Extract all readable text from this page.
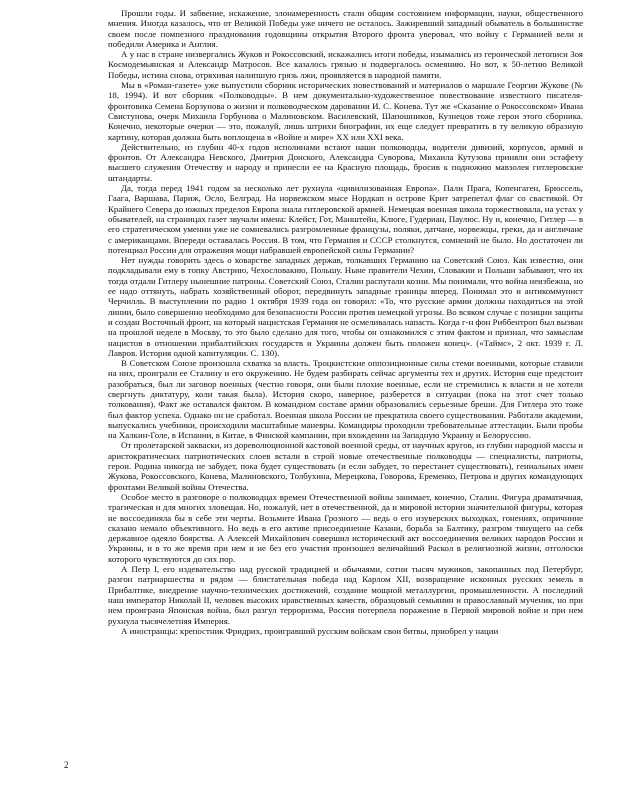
Прошли годы. И забвение, искажение, злонамеренность стали общим состоянием информации, науки, общественного мнения. Иногда казалось, что от Великой Победы уже ничего не осталось. Зажиревший западный обыватель в большинстве своем после помпезного празднования годовщины открытия Второго фронта уверовал, что войну с Германией вели и победили Америка и Англия.

А у нас в стране низвергались Жуков и Рокоссовский, искажались итоги победы, изымались из героической летописи Зоя Космодемьянская и Александр Матросов. Все казалось грязью и подвергалось осмеянию. Но вот, к 50-летию Великой Победы, истина снова, отряхивая налипшую грязь лжи, проявляется в народной памяти.

Мы в «Роман-газете» уже выпустили сборник исторических повествований и материалов о маршале Георгии Жукове (№ 18, 1994). И вот сборник «Полководцы». В нем документально-художественное повествование известного писателя-фронтовика Семена Борзунова о жизни и полководческом даровании И. С. Конева. Тут же «Сказание о Рокоссовском» Ивана Свистунова, очерк Михаила Горбунова о Малиновском. Василевский, Шапошников, Кузнецов тоже герои этого сборника. Конечно, некоторые очерки — это, пожалуй, лишь штрихи биографии, их еще следует превратить в ту великую образную картину, которая должна быть воплощена в «Войне и мире» XX или XXI века.

Действительно, из глубин 40-х годов исполинами встают наши полководцы, водители дивизий, корпусов, армий и фронтов. От Александра Невского, Дмитрия Донского, Александра Суворова, Михаила Кутузова приняли они эстафету высшего служения Отечеству и народу и принесли ее на Красную площадь, бросив к подножию мавзолея гитлеровские штандарты.

Да, тогда перед 1941 годом за несколько лет рухнула «цивилизованная Европа». Пали Прага, Копенгаген, Брюссель, Гаага, Варшава, Париж, Осло, Белград. На норвежском мысе Нордкап и острове Крит затрепетал флаг со свастикой. От Крайнего Севера до южных пределов Европа знала гитлеровской армией. Немецкая военная школа торжествовала, на устах у обывателей, на страницах газет звучали имена: Клейст, Гот, Манштейн, Клюге, Гудериан, Паулюс. Ну и, конечно, Гитлер — в его стратегическом умении уже не сомневались разгромленные французы, поляки, датчане, норвежцы, греки, да и англичане с американцами. Впереди оставалась Россия. В том, что Германия и СССР столкнутся, сомнений не было. Но достаточен ли потенциал России для отражения мощи набравшей европейской силы Германии?

Нет нужды говорить здесь о коварстве западных держав, толкавших Германию на Советский Союз. Как известно, они подкладывали ему в топку Австрию, Чехословакию, Польшу. Ныне правители Чехии, Словакии и Польши забывают, что их тогда отдали Гитлеру нынешние патроны. Советский Союз, Сталин распутали козни. Мы понимали, что война неизбежна, но ее надо оттянуть, набрать хозяйственный оборот, передвинуть западные границы вперед. Понимал это и антикоммунист Черчилль. В выступлении по радио 1 октября 1939 года он говорил: «То, что русские армии должны находиться на этой линии, было совершенно необходимо для безопасности России против немецкой угрозы. Во всяком случае с позиции защиты и создан Восточный фронт, на который нацистская Германия не осмеливалась напасть. Когда г-н фон Риббентроп был вызван на прошлой неделе в Москву, то это было сделано для того, чтобы он ознакомился с этим фактом и признал, что замыслам нацистов в отношении прибалтийских государств и Украины должен быть положен конец». («Таймс», 2 окт. 1939 г. Л. Лавров. История одной капитуляции. С. 130).

В Советском Союзе произошла схватка за власть. Троцкистские оппозиционные силы стеми военными, которые ставили на них, проиграли ее Сталину и его окружению. Не будем разбирать сейчас аргументы тех и других. История еще предстоит разобраться, был ли заговор военных (честно говоря, они были плохие военные, если не стремились к власти и не хотели свергнуть диктатуру, коли такая была). История скоро, наверное, разберется в ситуации (пока на этот счет только толкования). Факт же оставался фактом. В командном составе армии образовались серьезные бреши. Для Гитлера это тоже был фактор успеха. Однако он не сработал. Военная школа России не прекратила своего существования. Работали академии, выпускались учебники, происходили масштабные маневры. Командиры проходили требовательные аттестации. Были пробы на Халкин-Голе, в Испании, в Китае, в Финской кампании, при вхождении на Западную Украину и Белоруссию.

От пролетарской закваски, из дореволюционной кастовой военной среды, от научных кругов, из глубин народной массы и аристократических патриотических слоев встали в строй новые отечественные полководцы — специалисты, патриоты, герои. Родина никогда не забудет, пока будет существовать (и если забудет, то перестанет существовать), гениальных имен Жукова, Рокоссовского, Конева, Малиновского, Толбухина, Мерецкова, Говорова, Еременко, Петрова и других командующих фронтами Великой войны Отечества.

Особое место в разговоре о полководцах времен Отечественной войны занимает, конечно, Сталин. Фигура драматичная, трагическая и для многих зловещая. Но, пожалуй, нет в отечественной, да и мировой истории значительной фигуры, которая не воссоединяла бы в себе эти черты. Возьмите Ивана Грозного — ведь о его изуверских выходках, гонениях, опричнине сказано немало объективного. Но ведь в его активе присоединение Казани, борьба за Балтику, разгром тянущего на себя державное одеяло боярства. А Алексей Михайлович совершил исторический акт воссоединения великих народов России и Украины, и в то же время при нем и не без его участия произошел величайший Раскол в религиозной жизни, отголоски которого чувствуются до сих пор.

А Петр I, его издевательство над русской традицией и обычаями, сотни тысяч мужиков, закопанных под Петербург, разгон патриаршества и рядом — блистательная победа над Карлом XII, возвращение исконных русских земель в Прибалтике, внедрение научно-технических достижений, создание мощной металлургии, промышленности. А последний наш император Николай II, человек высоких нравственных качеств, образцовый семьянин и православный мученик, но при нем проиграна Японская война, был разгул терроризма, Россия потерпела поражение в Первой мировой войне и при нем рухнула тысячелетняя Империя.

А иностранцы: крепостник Фридрих, проигравший русским войскам свои битвы, приобрел у нации

2
